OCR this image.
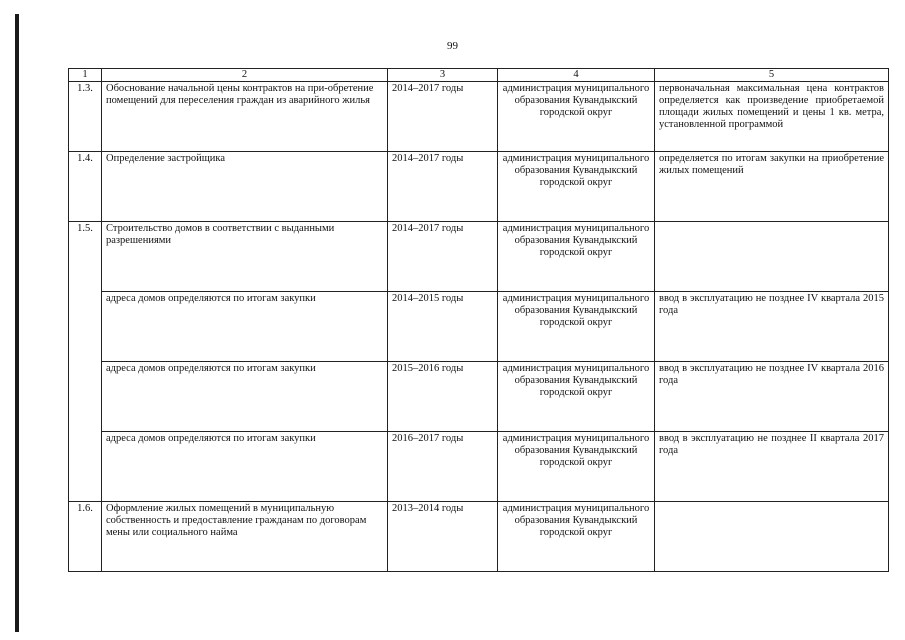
99
1	2	3	4	5
1.3.	Обоснование начальной цены контрактов на при-обретение помещений для переселения граждан из аварийного жилья	2014–2017 годы	администрация муниципального образования Кувандыкский городской округ	первоначальная максимальная цена контрактов определяется как произведение приобретаемой площади жилых помещений и цены 1 кв. метра, установленной программой
1.4.	Определение застройщика	2014–2017 годы	администрация муниципального образования Кувандыкский городской округ	определяется по итогам закупки на приобретение жилых помещений
1.5.	Строительство домов в соответствии с выданными разрешениями	2014–2017 годы	администрация муниципального образования Кувандыкский городской округ	
	адреса домов определяются по итогам закупки	2014–2015 годы	администрация муниципального образования Кувандыкский городской округ	ввод в эксплуатацию не позднее IV квартала 2015 года
	адреса домов определяются по итогам закупки	2015–2016 годы	администрация муниципального образования Кувандыкский городской округ	ввод в эксплуатацию не позднее IV квартала 2016 года
	адреса домов определяются по итогам закупки	2016–2017 годы	администрация муниципального образования Кувандыкский городской округ	ввод в эксплуатацию не позднее II квартала 2017 года
1.6.	Оформление жилых помещений в муниципальную собственность и предоставление гражданам по договорам мены или социального найма	2013–2014 годы	администрация муниципального образования Кувандыкский городской округ	
